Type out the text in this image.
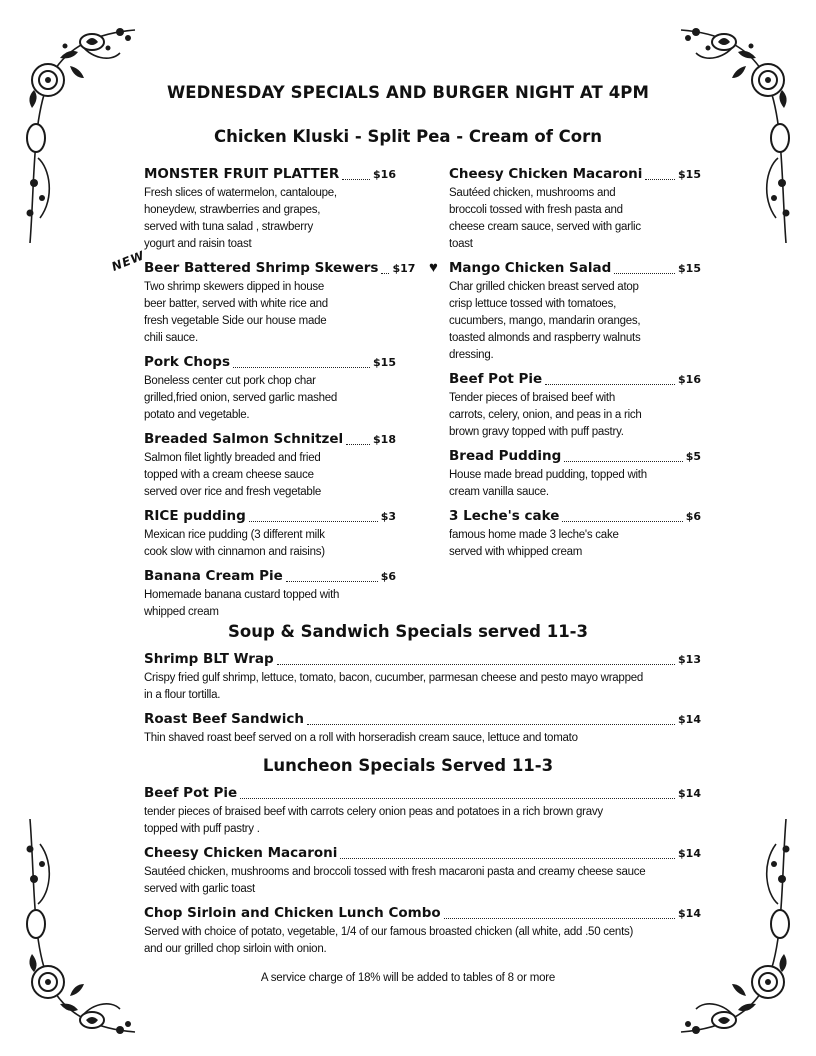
WEDNESDAY SPECIALS AND BURGER NIGHT AT 4PM
Chicken Kluski - Split Pea - Cream of Corn
MONSTER FRUIT PLATTER	$16
Fresh slices of watermelon, cantaloupe,
honeydew, strawberries and grapes,
served with tuna salad , strawberry
yogurt and raisin toast
NEW
Beer Battered Shrimp Skewers $17
Two shrimp skewers dipped in house
beer batter, served with white rice and
fresh vegetable Side our house made
chili sauce.
Pork Chops	$15
Boneless center cut pork chop char
grilled,fried onion, served garlic mashed
potato and vegetable.
Breaded Salmon Schnitzel	$18
Salmon filet lightly breaded and fried
topped with a cream cheese sauce
served over rice and fresh vegetable
RICE pudding	$3
Mexican rice pudding (3 different milk
cook slow with cinnamon and raisins)
Banana Cream Pie	$6
Homemade banana custard topped with
whipped cream
Cheesy Chicken Macaroni	$15
Sautéed chicken, mushrooms and
broccoli tossed with fresh pasta and
cheese cream sauce, served with garlic
toast
♥ Mango Chicken Salad	$15
Char grilled chicken breast served atop
crisp lettuce tossed with tomatoes,
cucumbers, mango, mandarin oranges,
toasted almonds and raspberry walnuts
dressing.
Beef Pot Pie	$16
Tender pieces of braised beef with
carrots, celery, onion, and peas in a rich
brown gravy topped with puff pastry.
Bread Pudding	$5
House made bread pudding, topped with
cream vanilla sauce.
3 Leche's cake	$6
famous home made 3 leche's cake
served with whipped cream
Soup & Sandwich Specials served 11-3
Shrimp BLT Wrap	$13
Crispy fried gulf shrimp, lettuce, tomato, bacon, cucumber, parmesan cheese and pesto mayo wrapped
in a flour tortilla.
Roast Beef Sandwich	$14
Thin shaved roast beef served on a roll with horseradish cream sauce, lettuce and tomato
Luncheon Specials Served 11-3
Beef Pot Pie	$14
tender pieces of braised beef with carrots celery onion peas and potatoes in a rich brown gravy
topped with puff pastry .
Cheesy Chicken Macaroni	$14
Sautéed chicken, mushrooms and broccoli tossed with fresh macaroni pasta and creamy cheese sauce
served with garlic toast
Chop Sirloin and Chicken Lunch Combo	$14
Served with choice of potato, vegetable, 1/4 of our famous broasted chicken (all white, add .50 cents)
and our grilled chop sirloin with onion.
A service charge of 18% will be added to tables of 8 or more
